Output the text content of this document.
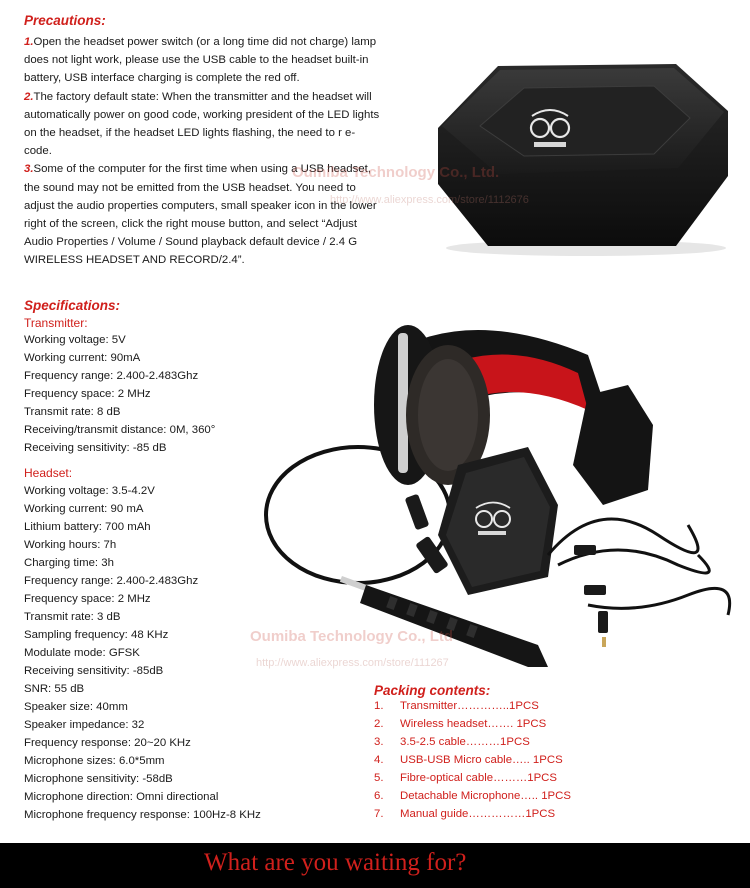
Precautions:
1.Open the headset power switch (or a long time did not charge) lamp does not light work, please use the USB cable to the headset built-in battery, USB interface charging is complete the red off.
2.The factory default state: When the transmitter and the headset will automatically power on good code, working president of the LED lights on the headset, if the headset LED lights flashing, the need to r e-code.
3.Some of the computer for the first time when using a USB headset, the sound may not be emitted from the USB headset. You need to adjust the audio properties computers, small speaker icon in the lower right of the screen, click the right mouse button, and select “Adjust Audio Properties / Volume / Sound playback default device / 2.4 G WIRELESS HEADSET AND RECORD/2.4”.
Oumiba Technology Co., Ltd.
http://www.aliexpress.com/store/1112676
Specifications:
Transmitter:
Working voltage: 5V
Working current: 90mA
Frequency range: 2.400-2.483Ghz
Frequency space: 2 MHz
Transmit rate: 8 dB
Receiving/transmit distance: 0M, 360°
Receiving sensitivity: -85 dB
Headset:
Working voltage: 3.5-4.2V
Working current: 90 mA
Lithium battery: 700 mAh
Working hours: 7h
Charging time: 3h
Frequency range: 2.400-2.483Ghz
Frequency space: 2 MHz
Transmit rate: 3 dB
Sampling frequency: 48 KHz
Modulate mode: GFSK
Receiving sensitivity: -85dB
SNR: 55 dB
Speaker size: 40mm
Speaker impedance: 32
Frequency response: 20~20 KHz
Microphone sizes: 6.0*5mm
Microphone sensitivity: -58dB
Microphone direction: Omni directional
Microphone frequency response: 100Hz-8 KHz
Oumiba Technology Co., Ltd
http://www.aliexpress.com/store/111267
Packing contents:
1. Transmitter…………..1PCS
2. Wireless headset……. 1PCS
3. 3.5-2.5 cable………1PCS
4. USB-USB Micro cable….. 1PCS
5. Fibre-optical cable………1PCS
6. Detachable Microphone….. 1PCS
7. Manual guide……………1PCS
What are you waiting for?
